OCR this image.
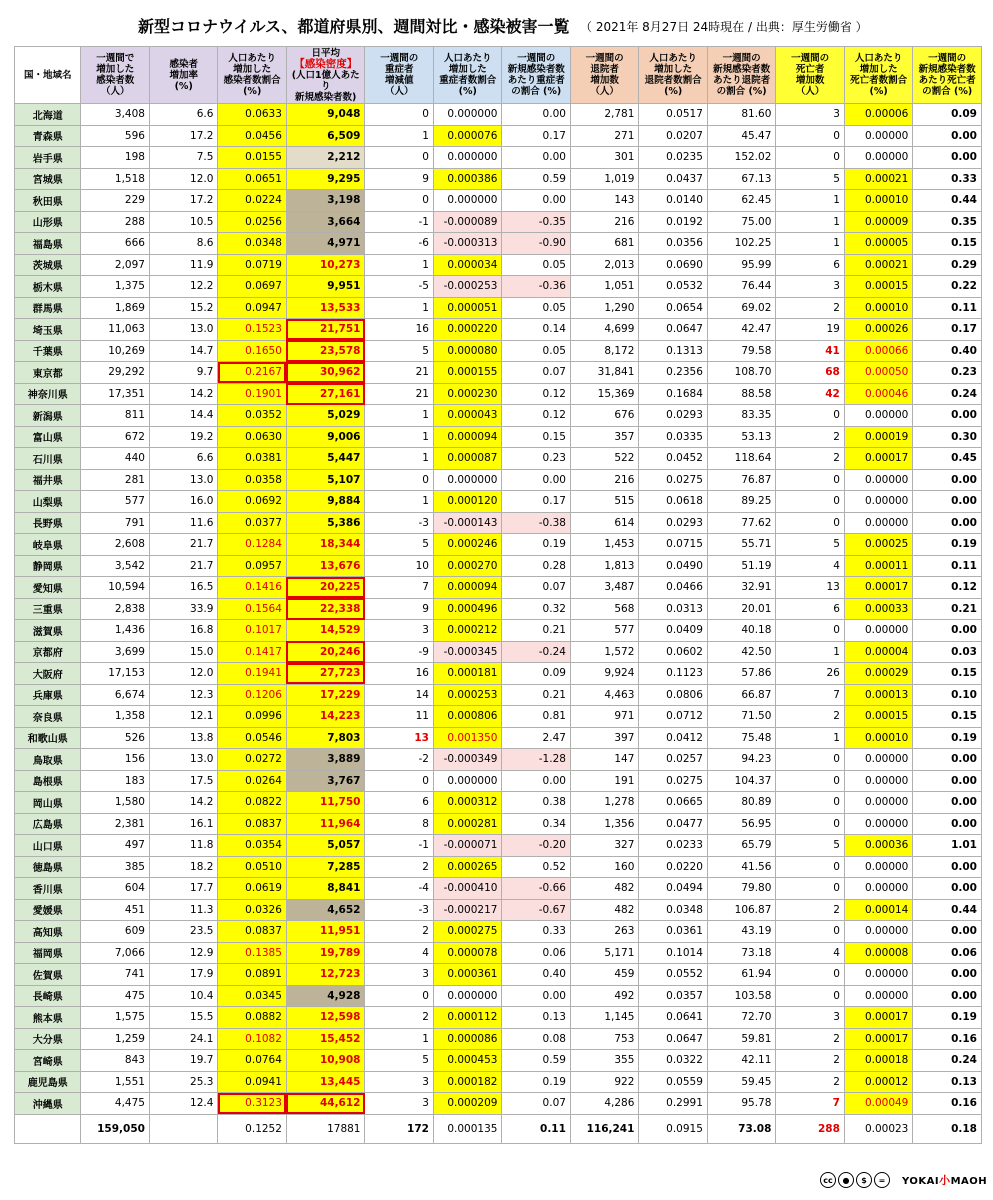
新型コロナウイルス、都道府県別、週間対比・感染被害一覧 （ 2021年 8月27日 24時現在 / 出典：厚生労働省 ）
国・地域名	一週間で
増加した
感染者数
（人）	感染者
増加率
(%)	人口あたり
増加した
感染者数割合
(%)	日平均
【感染密度】
(人口1億人あたり
新規感染者数)	一週間の
重症者
増減値
（人）	人口あたり
増加した
重症者数割合
(%)	一週間の
新規感染者数
あたり重症者
の割合 (%)	一週間の
退院者
増加数
（人）	人口あたり
増加した
退院者数割合
(%)	一週間の
新規感染者数
あたり退院者
の割合 (%)	一週間の
死亡者
増加数
（人）	人口あたり
増加した
死亡者数割合
(%)	一週間の
新規感染者数
あたり死亡者
の割合 (%)
北海道	3,408	6.6	0.0633	9,048	0	0.000000	0.00	2,781	0.0517	81.60	3	0.00006	0.09
青森県	596	17.2	0.0456	6,509	1	0.000076	0.17	271	0.0207	45.47	0	0.00000	0.00
岩手県	198	7.5	0.0155	2,212	0	0.000000	0.00	301	0.0235	152.02	0	0.00000	0.00
宮城県	1,518	12.0	0.0651	9,295	9	0.000386	0.59	1,019	0.0437	67.13	5	0.00021	0.33
秋田県	229	17.2	0.0224	3,198	0	0.000000	0.00	143	0.0140	62.45	1	0.00010	0.44
山形県	288	10.5	0.0256	3,664	-1	-0.000089	-0.35	216	0.0192	75.00	1	0.00009	0.35
福島県	666	8.6	0.0348	4,971	-6	-0.000313	-0.90	681	0.0356	102.25	1	0.00005	0.15
茨城県	2,097	11.9	0.0719	10,273	1	0.000034	0.05	2,013	0.0690	95.99	6	0.00021	0.29
栃木県	1,375	12.2	0.0697	9,951	-5	-0.000253	-0.36	1,051	0.0532	76.44	3	0.00015	0.22
群馬県	1,869	15.2	0.0947	13,533	1	0.000051	0.05	1,290	0.0654	69.02	2	0.00010	0.11
埼玉県	11,063	13.0	0.1523	21,751	16	0.000220	0.14	4,699	0.0647	42.47	19	0.00026	0.17
千葉県	10,269	14.7	0.1650	23,578	5	0.000080	0.05	8,172	0.1313	79.58	41	0.00066	0.40
東京都	29,292	9.7	0.2167	30,962	21	0.000155	0.07	31,841	0.2356	108.70	68	0.00050	0.23
神奈川県	17,351	14.2	0.1901	27,161	21	0.000230	0.12	15,369	0.1684	88.58	42	0.00046	0.24
新潟県	811	14.4	0.0352	5,029	1	0.000043	0.12	676	0.0293	83.35	0	0.00000	0.00
富山県	672	19.2	0.0630	9,006	1	0.000094	0.15	357	0.0335	53.13	2	0.00019	0.30
石川県	440	6.6	0.0381	5,447	1	0.000087	0.23	522	0.0452	118.64	2	0.00017	0.45
福井県	281	13.0	0.0358	5,107	0	0.000000	0.00	216	0.0275	76.87	0	0.00000	0.00
山梨県	577	16.0	0.0692	9,884	1	0.000120	0.17	515	0.0618	89.25	0	0.00000	0.00
長野県	791	11.6	0.0377	5,386	-3	-0.000143	-0.38	614	0.0293	77.62	0	0.00000	0.00
岐阜県	2,608	21.7	0.1284	18,344	5	0.000246	0.19	1,453	0.0715	55.71	5	0.00025	0.19
静岡県	3,542	21.7	0.0957	13,676	10	0.000270	0.28	1,813	0.0490	51.19	4	0.00011	0.11
愛知県	10,594	16.5	0.1416	20,225	7	0.000094	0.07	3,487	0.0466	32.91	13	0.00017	0.12
三重県	2,838	33.9	0.1564	22,338	9	0.000496	0.32	568	0.0313	20.01	6	0.00033	0.21
滋賀県	1,436	16.8	0.1017	14,529	3	0.000212	0.21	577	0.0409	40.18	0	0.00000	0.00
京都府	3,699	15.0	0.1417	20,246	-9	-0.000345	-0.24	1,572	0.0602	42.50	1	0.00004	0.03
大阪府	17,153	12.0	0.1941	27,723	16	0.000181	0.09	9,924	0.1123	57.86	26	0.00029	0.15
兵庫県	6,674	12.3	0.1206	17,229	14	0.000253	0.21	4,463	0.0806	66.87	7	0.00013	0.10
奈良県	1,358	12.1	0.0996	14,223	11	0.000806	0.81	971	0.0712	71.50	2	0.00015	0.15
和歌山県	526	13.8	0.0546	7,803	13	0.001350	2.47	397	0.0412	75.48	1	0.00010	0.19
鳥取県	156	13.0	0.0272	3,889	-2	-0.000349	-1.28	147	0.0257	94.23	0	0.00000	0.00
島根県	183	17.5	0.0264	3,767	0	0.000000	0.00	191	0.0275	104.37	0	0.00000	0.00
岡山県	1,580	14.2	0.0822	11,750	6	0.000312	0.38	1,278	0.0665	80.89	0	0.00000	0.00
広島県	2,381	16.1	0.0837	11,964	8	0.000281	0.34	1,356	0.0477	56.95	0	0.00000	0.00
山口県	497	11.8	0.0354	5,057	-1	-0.000071	-0.20	327	0.0233	65.79	5	0.00036	1.01
徳島県	385	18.2	0.0510	7,285	2	0.000265	0.52	160	0.0220	41.56	0	0.00000	0.00
香川県	604	17.7	0.0619	8,841	-4	-0.000410	-0.66	482	0.0494	79.80	0	0.00000	0.00
愛媛県	451	11.3	0.0326	4,652	-3	-0.000217	-0.67	482	0.0348	106.87	2	0.00014	0.44
高知県	609	23.5	0.0837	11,951	2	0.000275	0.33	263	0.0361	43.19	0	0.00000	0.00
福岡県	7,066	12.9	0.1385	19,789	4	0.000078	0.06	5,171	0.1014	73.18	4	0.00008	0.06
佐賀県	741	17.9	0.0891	12,723	3	0.000361	0.40	459	0.0552	61.94	0	0.00000	0.00
長崎県	475	10.4	0.0345	4,928	0	0.000000	0.00	492	0.0357	103.58	0	0.00000	0.00
熊本県	1,575	15.5	0.0882	12,598	2	0.000112	0.13	1,145	0.0641	72.70	3	0.00017	0.19
大分県	1,259	24.1	0.1082	15,452	1	0.000086	0.08	753	0.0647	59.81	2	0.00017	0.16
宮崎県	843	19.7	0.0764	10,908	5	0.000453	0.59	355	0.0322	42.11	2	0.00018	0.24
鹿児島県	1,551	25.3	0.0941	13,445	3	0.000182	0.19	922	0.0559	59.45	2	0.00012	0.13
沖縄県	4,475	12.4	0.3123	44,612	3	0.000209	0.07	4,286	0.2991	95.78	7	0.00049	0.16
	159,050		0.1252	17881	172	0.000135	0.11	116,241	0.0915	73.08	288	0.00023	0.18
cc	●	$	=	YOKAI小MAOH
